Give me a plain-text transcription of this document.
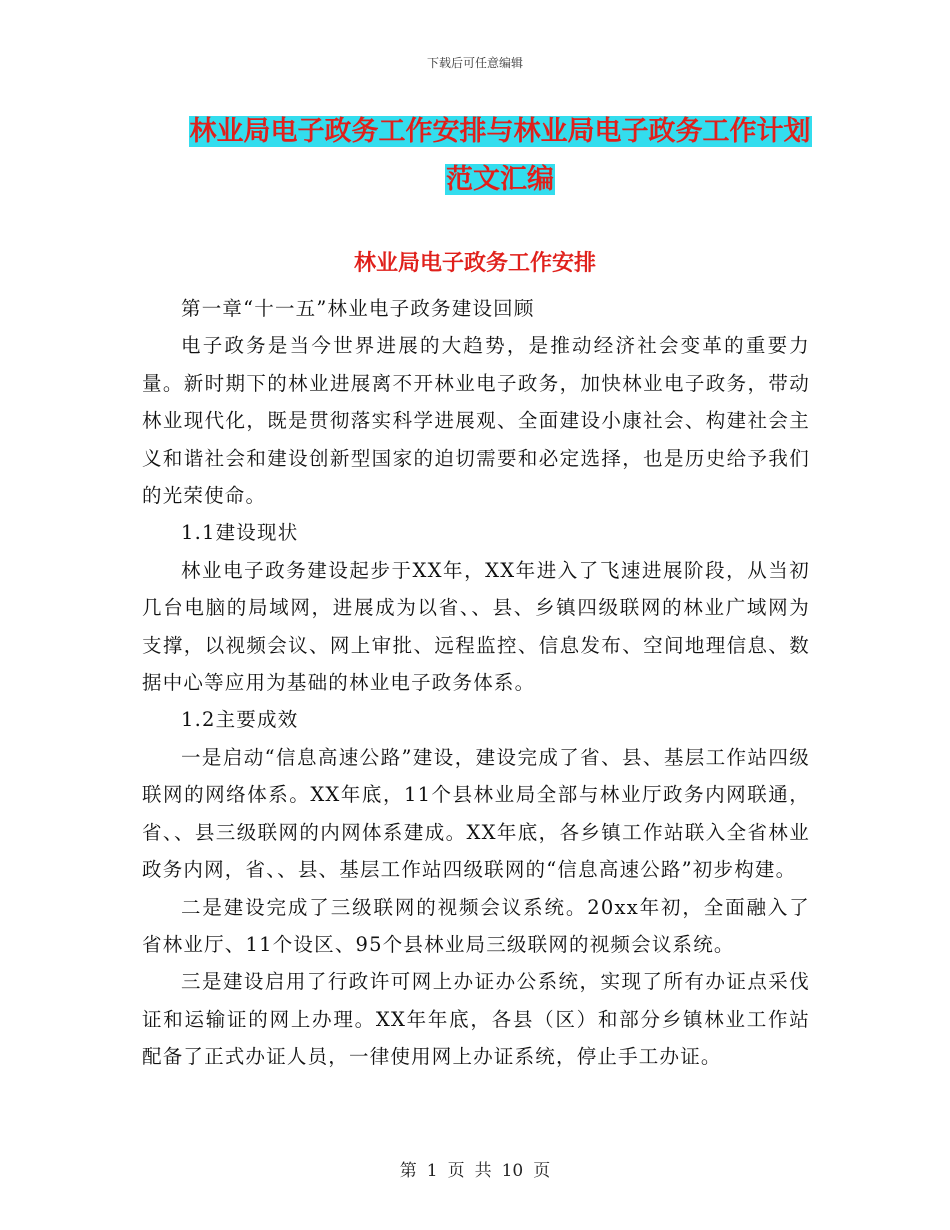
下载后可任意编辑
林业局电子政务工作安排与林业局电子政务工作计划
范文汇编
林业局电子政务工作安排

第一章“十一五”林业电子政务建设回顾

电子政务是当今世界进展的大趋势，是推动经济社会变革的重要力量。新时期下的林业进展离不开林业电子政务，加快林业电子政务，带动林业现代化，既是贯彻落实科学进展观、全面建设小康社会、构建社会主义和谐社会和建设创新型国家的迫切需要和必定选择，也是历史给予我们的光荣使命。

1.1建设现状

林业电子政务建设起步于XX年，XX年进入了飞速进展阶段，从当初几台电脑的局域网，进展成为以省、、县、乡镇四级联网的林业广域网为支撑，以视频会议、网上审批、远程监控、信息发布、空间地理信息、数据中心等应用为基础的林业电子政务体系。

1.2主要成效

一是启动“信息高速公路”建设，建设完成了省、县、基层工作站四级联网的网络体系。XX年底，11个县林业局全部与林业厅政务内网联通，省、、县三级联网的内网体系建成。XX年底，各乡镇工作站联入全省林业政务内网，省、、县、基层工作站四级联网的“信息高速公路”初步构建。

二是建设完成了三级联网的视频会议系统。20xx年初，全面融入了省林业厅、11个设区、95个县林业局三级联网的视频会议系统。

三是建设启用了行政许可网上办证办公系统，实现了所有办证点采伐证和运输证的网上办理。XX年年底，各县（区）和部分乡镇林业工作站配备了正式办证人员，一律使用网上办证系统，停止手工办证。

第 1 页 共 10 页
